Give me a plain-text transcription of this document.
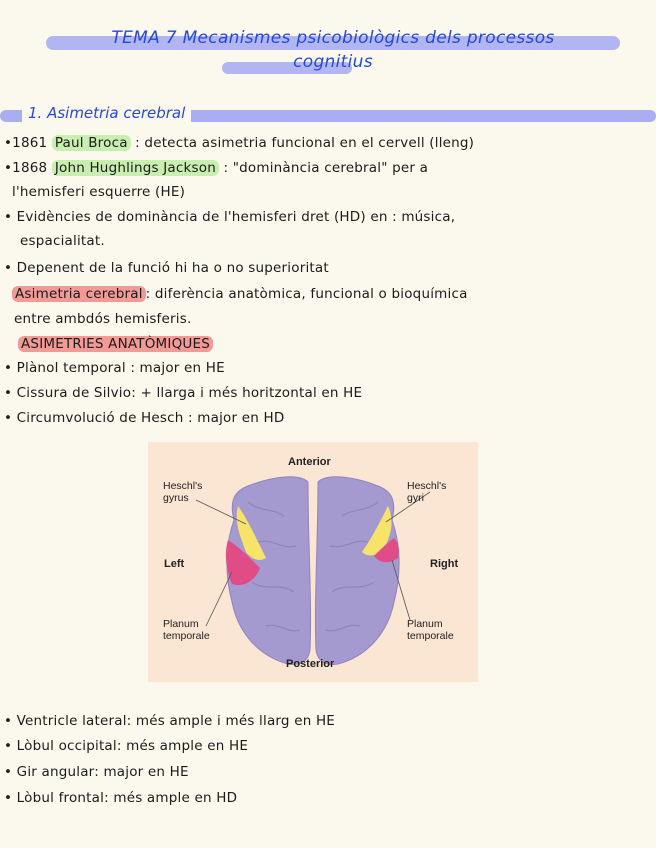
TEMA 7 Mecanismes psicobiològics dels processos
cognitius
1. Asimetria cerebral
•1861 Paul Broca : detecta asimetria funcional en el cervell (lleng)
•1868 John Hughlings Jackson : "dominància cerebral" per a
l'hemisferi esquerre (HE)
• Evidències de dominància de l'hemisferi dret (HD) en : música,
espacialitat.
• Depenent de la funció hi ha o no superioritat
Asimetria cerebral : diferència anatòmica, funcional o bioquímica
entre ambdós hemisferis.
ASIMETRIES ANATÒMIQUES
• Plànol temporal : major en HE
• Cissura de Silvio: + llarga i més horitzontal en HE
• Circumvolució de Hesch : major en HD
Anterior
Posterior
Left	Right
Heschl's
gyrus
Heschl's
gyri
Planum
temporale
Planum
temporale
• Ventricle lateral: més ample i més llarg en HE
• Lòbul occipital: més ample en HE
• Gir angular: major en HE
• Lòbul frontal: més ample en HD
